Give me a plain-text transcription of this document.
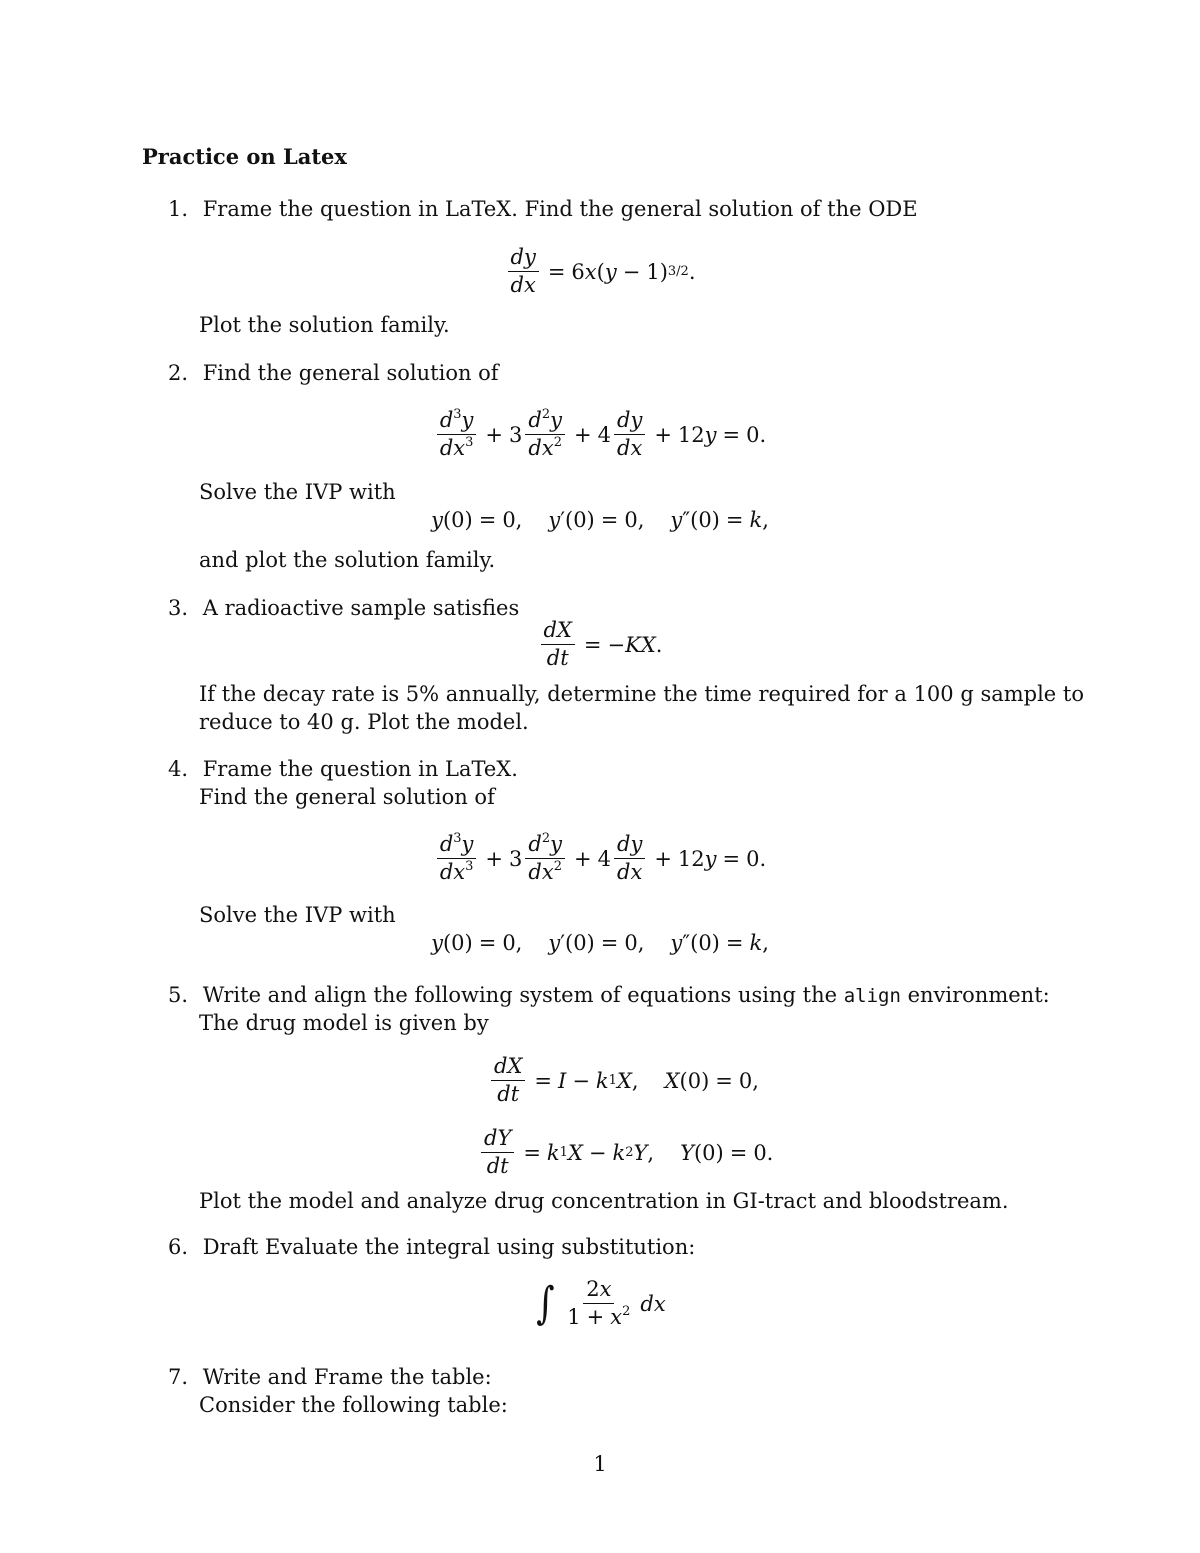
Practice on Latex
1. Frame the question in LaTeX. Find the general solution of the ODE
$\frac{dy}{dx} = 6$ x ( y − 1) 3/2 .
Plot the solution family.
2. Find the general solution of
$\frac{d^3y}{dx^3} + 3 \frac{d^2y}{dx^2} + 4 \frac{dy}{dx} + 12$ y = 0.
Solve the IVP with
y (0) = 0, y ′(0) = 0, y ″(0) = k ,
and plot the solution family.
3. A radioactive sample satisfies
$\frac{dX}{dt}$ = − KX .
If the decay rate is 5% annually, determine the time required for a 100 g sample to
reduce to 40 g. Plot the model.
4. Frame the question in LaTeX.
Find the general solution of
$\frac{d^3y}{dx^3} + 3 \frac{d^2y}{dx^2} + 4 \frac{dy}{dx} + 12$ y = 0.
Solve the IVP with
y (0) = 0, y ′(0) = 0, y ″(0) = k ,
5. Write and align the following system of equations using the align environment:
The drug model is given by
$\frac{dX}{dt} = I - k$ 1 X , X (0) = 0,
$\frac{dY}{dt} = k$ 1 X − k 2 Y , Y (0) = 0.
Plot the model and analyze drug concentration in GI-tract and bloodstream.
6. Draft Evaluate the integral using substitution:
∫ $\frac{2x}{1 + x^2}$ dx
7. Write and Frame the table:
Consider the following table:
1
